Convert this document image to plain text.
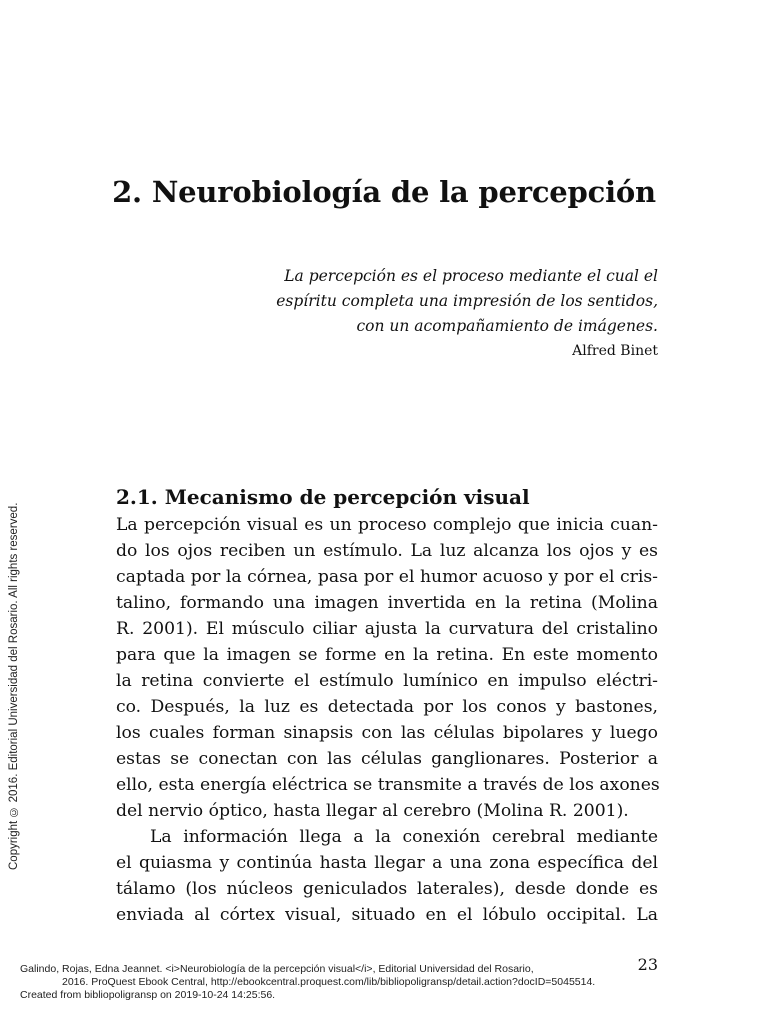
2. Neurobiología de la percepción
La percepción es el proceso mediante el cual el
espíritu completa una impresión de los sentidos,
con un acompañamiento de imágenes.
Alfred Binet
2.1. Mecanismo de percepción visual
La percepción visual es un proceso complejo que inicia cuan-
do los ojos reciben un estímulo. La luz alcanza los ojos y es
captada por la córnea, pasa por el humor acuoso y por el cris-
talino, formando una imagen invertida en la retina (Molina
R. 2001). El músculo ciliar ajusta la curvatura del cristalino
para que la imagen se forme en la retina. En este momento
la retina convierte el estímulo lumínico en impulso eléctri-
co. Después, la luz es detectada por los conos y bastones,
los cuales forman sinapsis con las células bipolares y luego
estas se conectan con las células ganglionares. Posterior a
ello, esta energía eléctrica se transmite a través de los axones
del nervio óptico, hasta llegar al cerebro (Molina R. 2001).
La información llega a la conexión cerebral mediante
el quiasma y continúa hasta llegar a una zona específica del
tálamo (los núcleos geniculados laterales), desde donde es
enviada al córtex visual, situado en el lóbulo occipital. La
23
Copyright © 2016. Editorial Universidad del Rosario. All rights reserved.
Galindo, Rojas, Edna Jeannet. <i>Neurobiología de la percepción visual</i>, Editorial Universidad del Rosario,
2016. ProQuest Ebook Central, http://ebookcentral.proquest.com/lib/bibliopoligransp/detail.action?docID=5045514.
Created from bibliopoligransp on 2019-10-24 14:25:56.
